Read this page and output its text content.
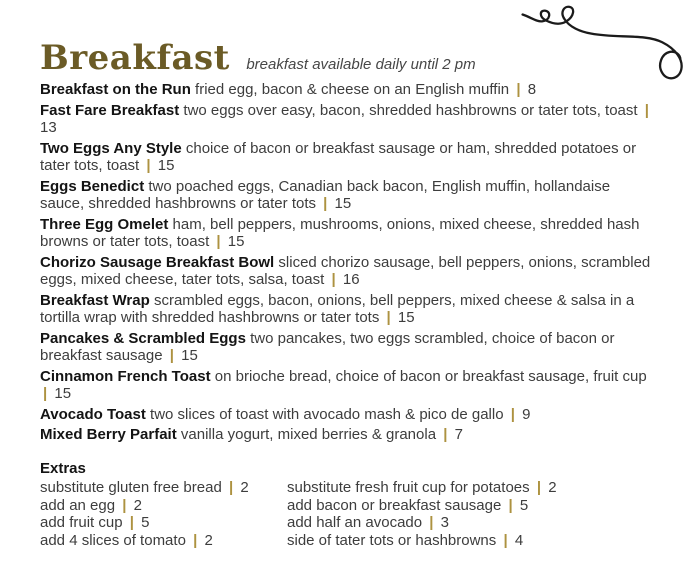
Breakfast breakfast available daily until 2 pm

Breakfast on the Run fried egg, bacon & cheese on an English muffin | 8

Fast Fare Breakfast two eggs over easy, bacon, shredded hashbrowns or tater tots, toast | 13

Two Eggs Any Style choice of bacon or breakfast sausage or ham, shredded potatoes or tater tots, toast | 15

Eggs Benedict two poached eggs, Canadian back bacon, English muffin, hollandaise sauce, shredded hashbrowns or tater tots | 15

Three Egg Omelet ham, bell peppers, mushrooms, onions, mixed cheese, shredded hash browns or tater tots, toast | 15

Chorizo Sausage Breakfast Bowl sliced chorizo sausage, bell peppers, onions, scrambled eggs, mixed cheese, tater tots, salsa, toast | 16

Breakfast Wrap scrambled eggs, bacon, onions, bell peppers, mixed cheese & salsa in a tortilla wrap with shredded hashbrowns or tater tots | 15

Pancakes & Scrambled Eggs two pancakes, two eggs scrambled, choice of bacon or breakfast sausage | 15

Cinnamon French Toast on brioche bread, choice of bacon or breakfast sausage, fruit cup | 15

Avocado Toast two slices of toast with avocado mash & pico de gallo | 9

Mixed Berry Parfait vanilla yogurt, mixed berries & granola | 7

Extras
substitute gluten free bread | 2
add an egg | 2
add fruit cup | 5
add 4 slices of tomato | 2
substitute fresh fruit cup for potatoes | 2
add bacon or breakfast sausage | 5
add half an avocado | 3
side of tater tots or hashbrowns | 4
